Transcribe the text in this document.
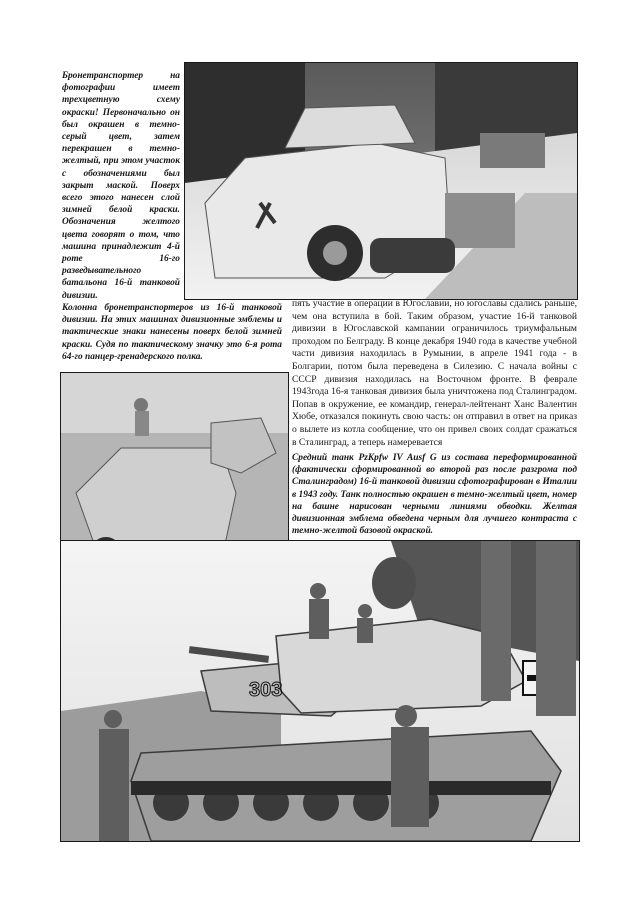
Бронетранспортер на фотографии имеет трехцветную схему окраски! Первоначально он был окрашен в темно-серый цвет, затем перекрашен в темно-желтый, при этом участок с обозначениями был закрыт маской. Поверх всего этого нанесен слой зимней белой краски. Обозначения желтого цвета говорят о том, что машина принадлежит 4-й роте 16-го разведывательного батальона 16-й танковой дивизии.

Колонна бронетранспортеров из 16-й танковой дивизии. На этих машинах дивизионные эмблемы и тактические знаки нанесены поверх белой зимней краски. Судя по тактическому значку это 6-я рота 64-го панцер-гренадерского полка.

пять участие в операции в Югославии, но югославы сдались раньше, чем она вступила в бой. Таким образом, участие 16-й танковой дивизии в Югославской кампании ограничилось триумфальным проходом по Белграду. В конце декабря 1940 года в качестве учебной части дивизия находилась в Румынии, в апреле 1941 года - в Болгарии, потом была переведена в Силезию. С начала войны с СССР дивизия находилась на Восточном фронте. В феврале 1943года 16-я танковая дивизия была уничтожена под Сталинградом. Попав в окружение, ее командир, генерал-лейтенант Ханс Валентин Хюбе, отказался покинуть свою часть: он отправил в ответ на приказ о вылете из котла сообщение, что он привел своих солдат сражаться в Сталинград, а теперь намеревается

Средний танк PzKpfw IV Ausf G из состава переформированной (фактически сформированной во второй раз после разгрома под Сталинградом) 16-й танковой дивизии сфотографирован в Италии в 1943 году. Танк полностью окрашен в темно-желтый цвет, номер на башне нарисован черными линиями обводки. Желтая дивизионная эмблема обведена черным для лучшего контраста с темно-желтой базовой окраской.

303
